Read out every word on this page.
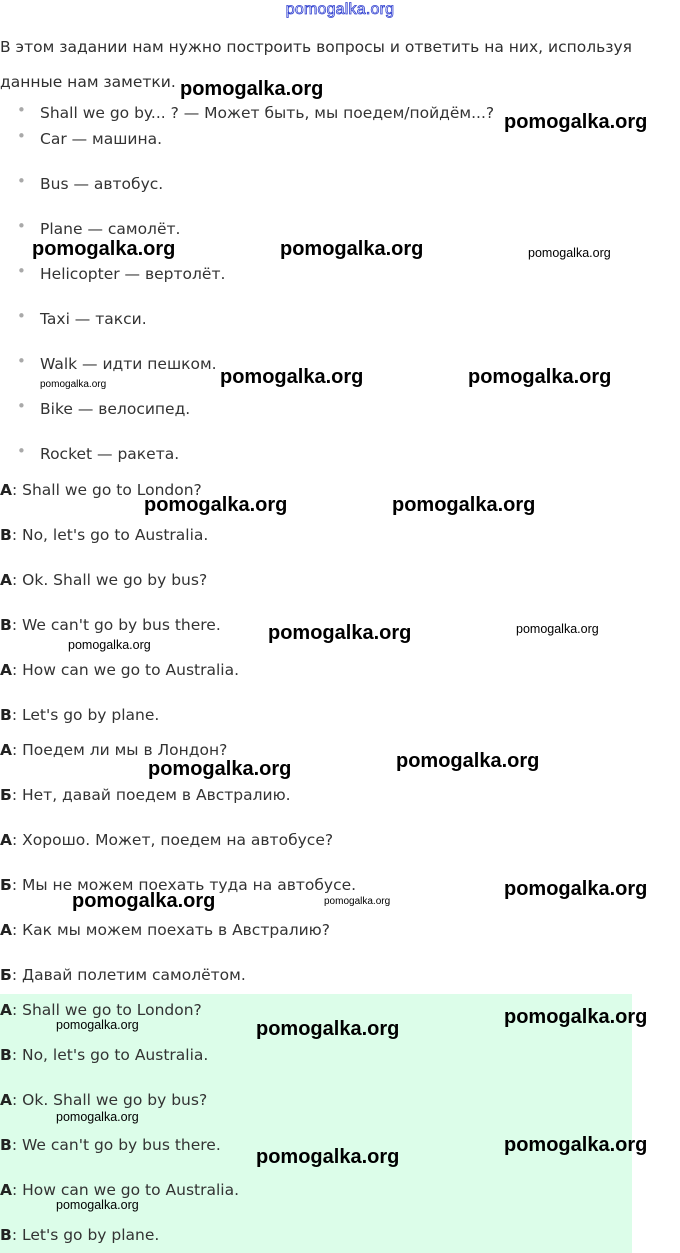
pomogalka.org
В этом задании нам нужно построить вопросы и ответить на них, используя данные нам заметки.
• Shall we go by... ? — Может быть, мы поедем/пойдём...?
• Car — машина.
• Bus — автобус.
• Plane — самолёт.
• Helicopter — вертолёт.
• Taxi — такси.
• Walk — идти пешком.
• Bike — велосипед.
• Rocket — ракета.
A: Shall we go to London?
B: No, let's go to Australia.
A: Ok. Shall we go by bus?
B: We can't go by bus there.
A: How can we go to Australia.
B: Let's go by plane.
А: Поедем ли мы в Лондон?
Б: Нет, давай поедем в Австралию.
А: Хорошо. Может, поедем на автобусе?
Б: Мы не можем поехать туда на автобусе.
А: Как мы можем поехать в Австралию?
Б: Давай полетим самолётом.
A: Shall we go to London?
B: No, let's go to Australia.
A: Ok. Shall we go by bus?
B: We can't go by bus there.
A: How can we go to Australia.
B: Let's go by plane.
pomogalka.org
pomogalka.org
pomogalka.org	pomogalka.org	pomogalka.org
pomogalka.org	pomogalka.org	pomogalka.org
pomogalka.org	pomogalka.org
pomogalka.org
pomogalka.org	pomogalka.org
pomogalka.org	pomogalka.org
pomogalka.org	pomogalka.org
pomogalka.org
pomogalka.org	pomogalka.org
pomogalka.org
pomogalka.org
pomogalka.org
pomogalka.org
pomogalka.org
